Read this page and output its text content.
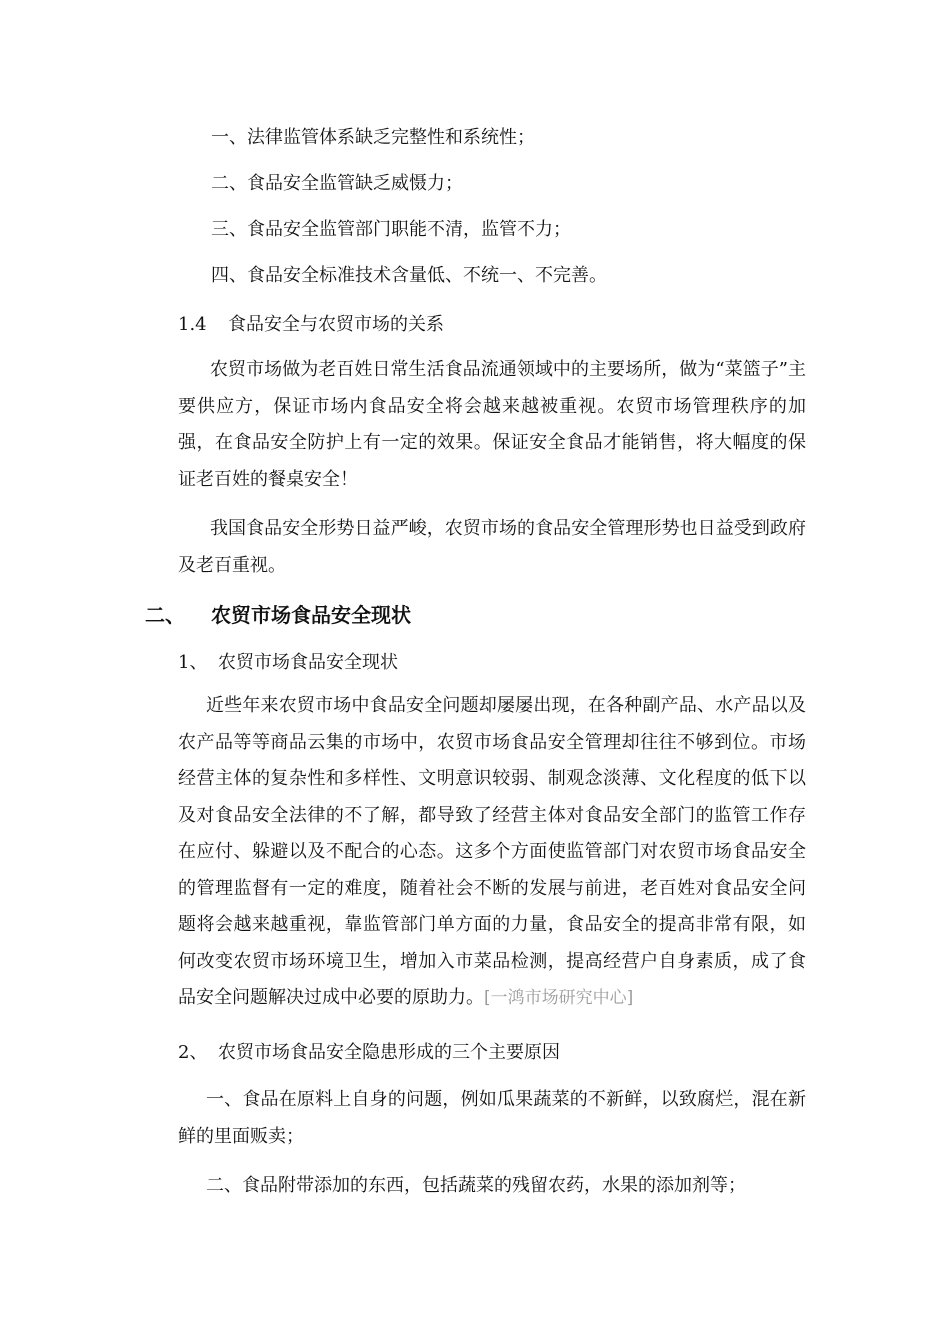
一、法律监管体系缺乏完整性和系统性；
二、食品安全监管缺乏威慑力；
三、食品安全监管部门职能不清，监管不力；
四、食品安全标准技术含量低、不统一、不完善。
1.4 食品安全与农贸市场的关系

农贸市场做为老百姓日常生活食品流通领域中的主要场所，做为“菜篮子”主要供应方，保证市场内食品安全将会越来越被重视。农贸市场管理秩序的加强，在食品安全防护上有一定的效果。保证安全食品才能销售，将大幅度的保证老百姓的餐桌安全！

我国食品安全形势日益严峻，农贸市场的食品安全管理形势也日益受到政府及老百重视。

二、 农贸市场食品安全现状
1、 农贸市场食品安全现状

近些年来农贸市场中食品安全问题却屡屡出现，在各种副产品、水产品以及农产品等等商品云集的市场中，农贸市场食品安全管理却往往不够到位。市场经营主体的复杂性和多样性、文明意识较弱、制观念淡薄、文化程度的低下以及对食品安全法律的不了解，都导致了经营主体对食品安全部门的监管工作存在应付、躲避以及不配合的心态。这多个方面使监管部门对农贸市场食品安全的管理监督有一定的难度，随着社会不断的发展与前进，老百姓对食品安全问题将会越来越重视，靠监管部门单方面的力量，食品安全的提高非常有限，如何改变农贸市场环境卫生，增加入市菜品检测，提高经营户自身素质，成了食品安全问题解决过成中必要的原助力。[一鸿市场研究中心]

2、 农贸市场食品安全隐患形成的三个主要原因

一、食品在原料上自身的问题，例如瓜果蔬菜的不新鲜，以致腐烂，混在新鲜的里面贩卖；

二、食品附带添加的东西，包括蔬菜的残留农药，水果的添加剂等；
